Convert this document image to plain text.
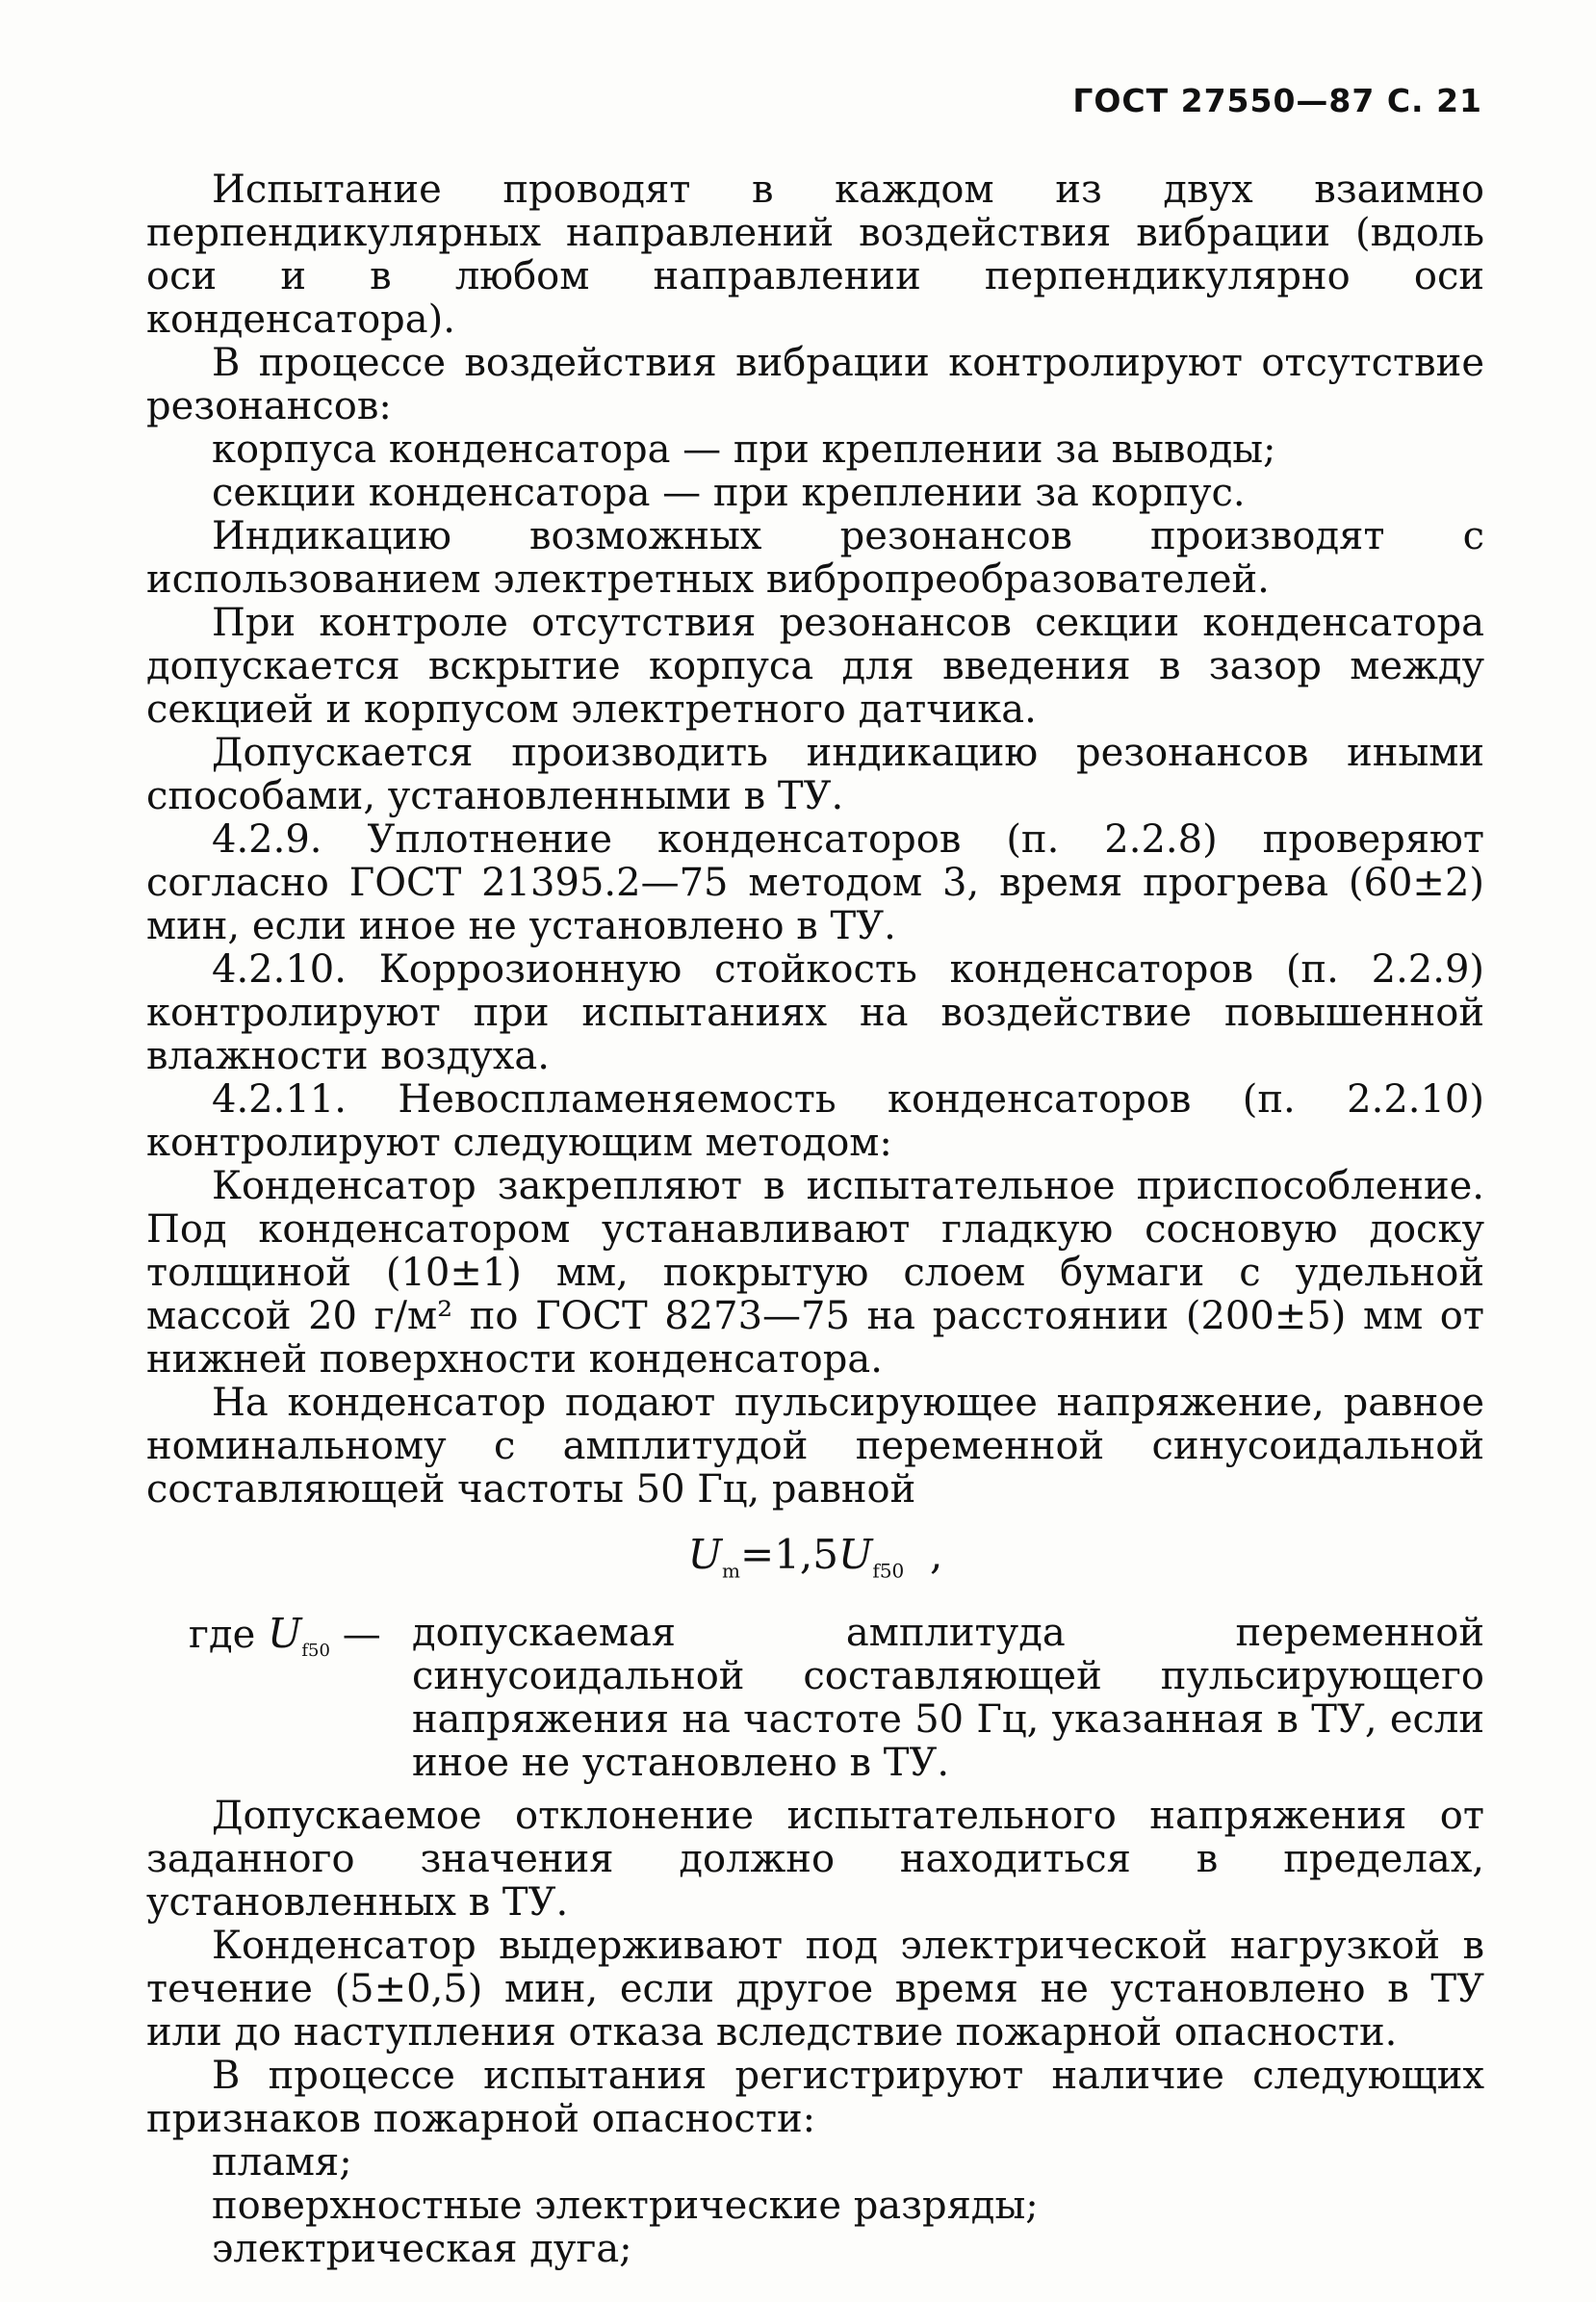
ГОСТ 27550—87 С. 21

Испытание проводят в каждом из двух взаимно перпендикулярных направлений воздействия вибрации (вдоль оси и в любом направлении перпендикулярно оси конденсатора).

В процессе воздействия вибрации контролируют отсутствие резонансов:

корпуса конденсатора — при креплении за выводы;

секции конденсатора — при креплении за корпус.

Индикацию возможных резонансов производят с использованием электретных вибропреобразователей.

При контроле отсутствия резонансов секции конденсатора допускается вскрытие корпуса для введения в зазор между секцией и корпусом электретного датчика.

Допускается производить индикацию резонансов иными способами, установленными в ТУ.

4.2.9. Уплотнение конденсаторов (п. 2.2.8) проверяют согласно ГОСТ 21395.2—75 методом 3, время прогрева (60±2) мин, если иное не установлено в ТУ.

4.2.10. Коррозионную стойкость конденсаторов (п. 2.2.9) контролируют при испытаниях на воздействие повышенной влажности воздуха.

4.2.11. Невоспламеняемость конденсаторов (п. 2.2.10) контролируют следующим методом:

Конденсатор закрепляют в испытательное приспособление. Под конденсатором устанавливают гладкую сосновую доску толщиной (10±1) мм, покрытую слоем бумаги с удельной массой 20 г/м² по ГОСТ 8273—75 на расстоянии (200±5) мм от нижней поверхности конденсатора.

На конденсатор подают пульсирующее напряжение, равное номинальному с амплитудой переменной синусоидальной составляющей частоты 50 Гц, равной

$U_m=1,5U_{f50}$ ,
где $U_{f50}$ — допускаемая амплитуда переменной синусоидальной составляющей пульсирующего напряжения на частоте 50 Гц, указанная в ТУ, если иное не установлено в ТУ.

Допускаемое отклонение испытательного напряжения от заданного значения должно находиться в пределах, установленных в ТУ.

Конденсатор выдерживают под электрической нагрузкой в течение (5±0,5) мин, если другое время не установлено в ТУ или до наступления отказа вследствие пожарной опасности.

В процессе испытания регистрируют наличие следующих признаков пожарной опасности:

пламя;

поверхностные электрические разряды;

электрическая дуга;
